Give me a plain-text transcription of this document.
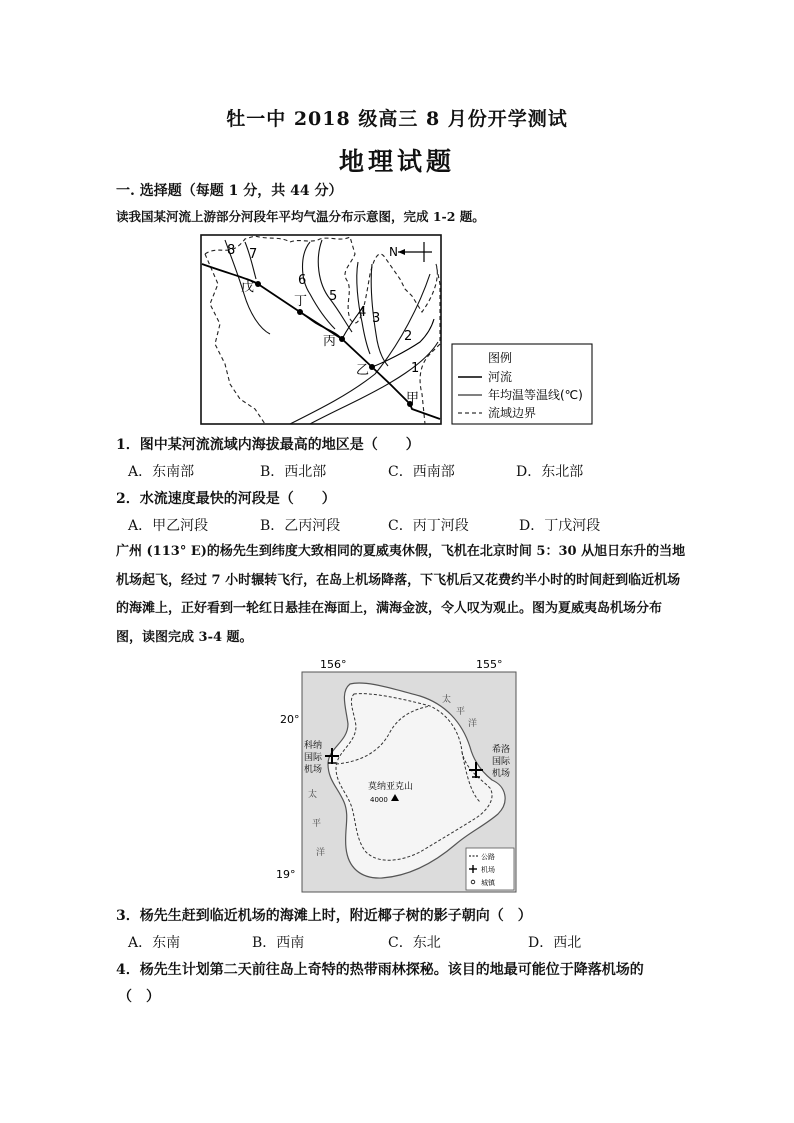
牡一中 2018 级高三 8 月份开学测试
地理试题
一. 选择题（每题 1 分，共 44 分）
读我国某河流上游部分河段年平均气温分布示意图，完成 1-2 题。
8 7
6
5
4 3
2
1
戊
丁
丙
乙
甲
N
图例
河流
年均温等温线(℃)
流域边界
1．图中某河流流域内海拔最高的地区是（　　）
A．东南部	B．西北部	C．西南部	D．东北部
2．水流速度最快的河段是（　　）
A．甲乙河段	B．乙丙河段	C．丙丁河段	D．丁戊河段
广州 (113° E)的杨先生到纬度大致相同的夏威夷休假，飞机在北京时间 5：30 从旭日东升的当地机场起飞，经过 7 小时辗转飞行，在岛上机场降落，下飞机后又花费约半小时的时间赶到临近机场的海滩上，正好看到一轮红日悬挂在海面上，满海金波，令人叹为观止。图为夏威夷岛机场分布图，读图完成 3-4 题。
156°	155°
20°
19°
科纳
国际
机场
希洛
国际
机场
莫纳亚克山
4000
太
平
洋
太
平
洋	公路
机场
城镇
3．杨先生赶到临近机场的海滩上时，附近椰子树的影子朝向（　）
A．东南	B．西南	C．东北	D．西北
4．杨先生计划第二天前往岛上奇特的热带雨林探秘。该目的地最可能位于降落机场的
（　）
